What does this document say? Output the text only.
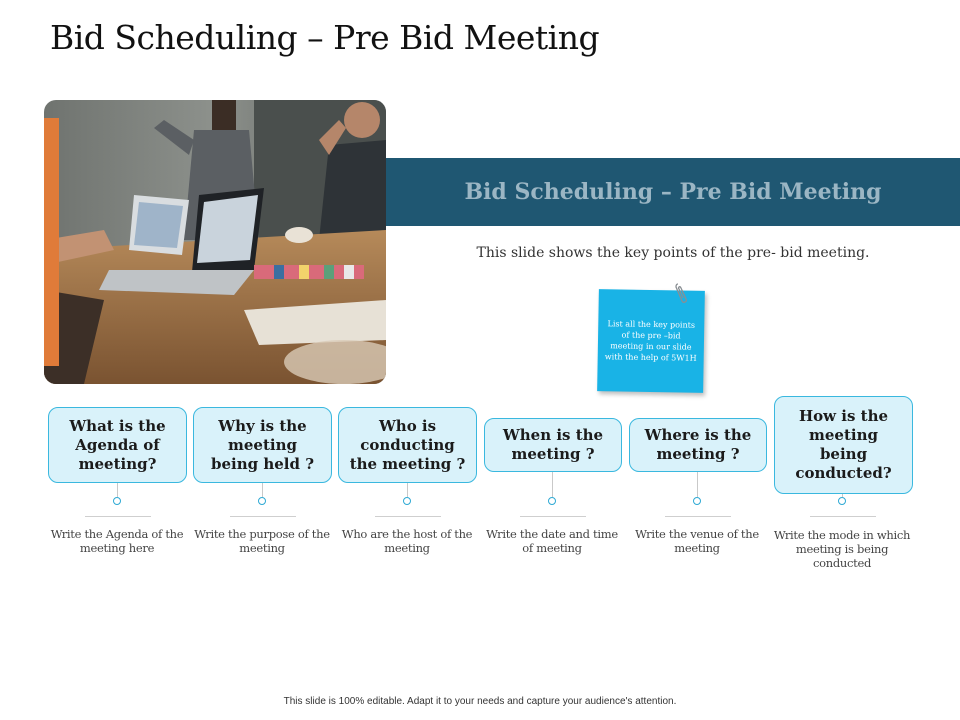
Bid Scheduling – Pre Bid Meeting
Bid Scheduling – Pre Bid Meeting
This slide shows the key points of the pre- bid meeting.
List all the key points of the pre –bid meeting in our slide with the help of 5W1H
What is the Agenda of meeting?
Why is the meeting being held ?
Who is conducting the meeting ?
When is the meeting ?
Where is the meeting ?
How is the meeting being conducted?
Write the Agenda of the meeting here
Write the purpose of the meeting
Who are the host of the meeting
Write the date and time of meeting
Write the venue of the meeting
Write the mode in which meeting is being conducted
This slide is 100% editable. Adapt it to your needs and capture your audience's attention.
